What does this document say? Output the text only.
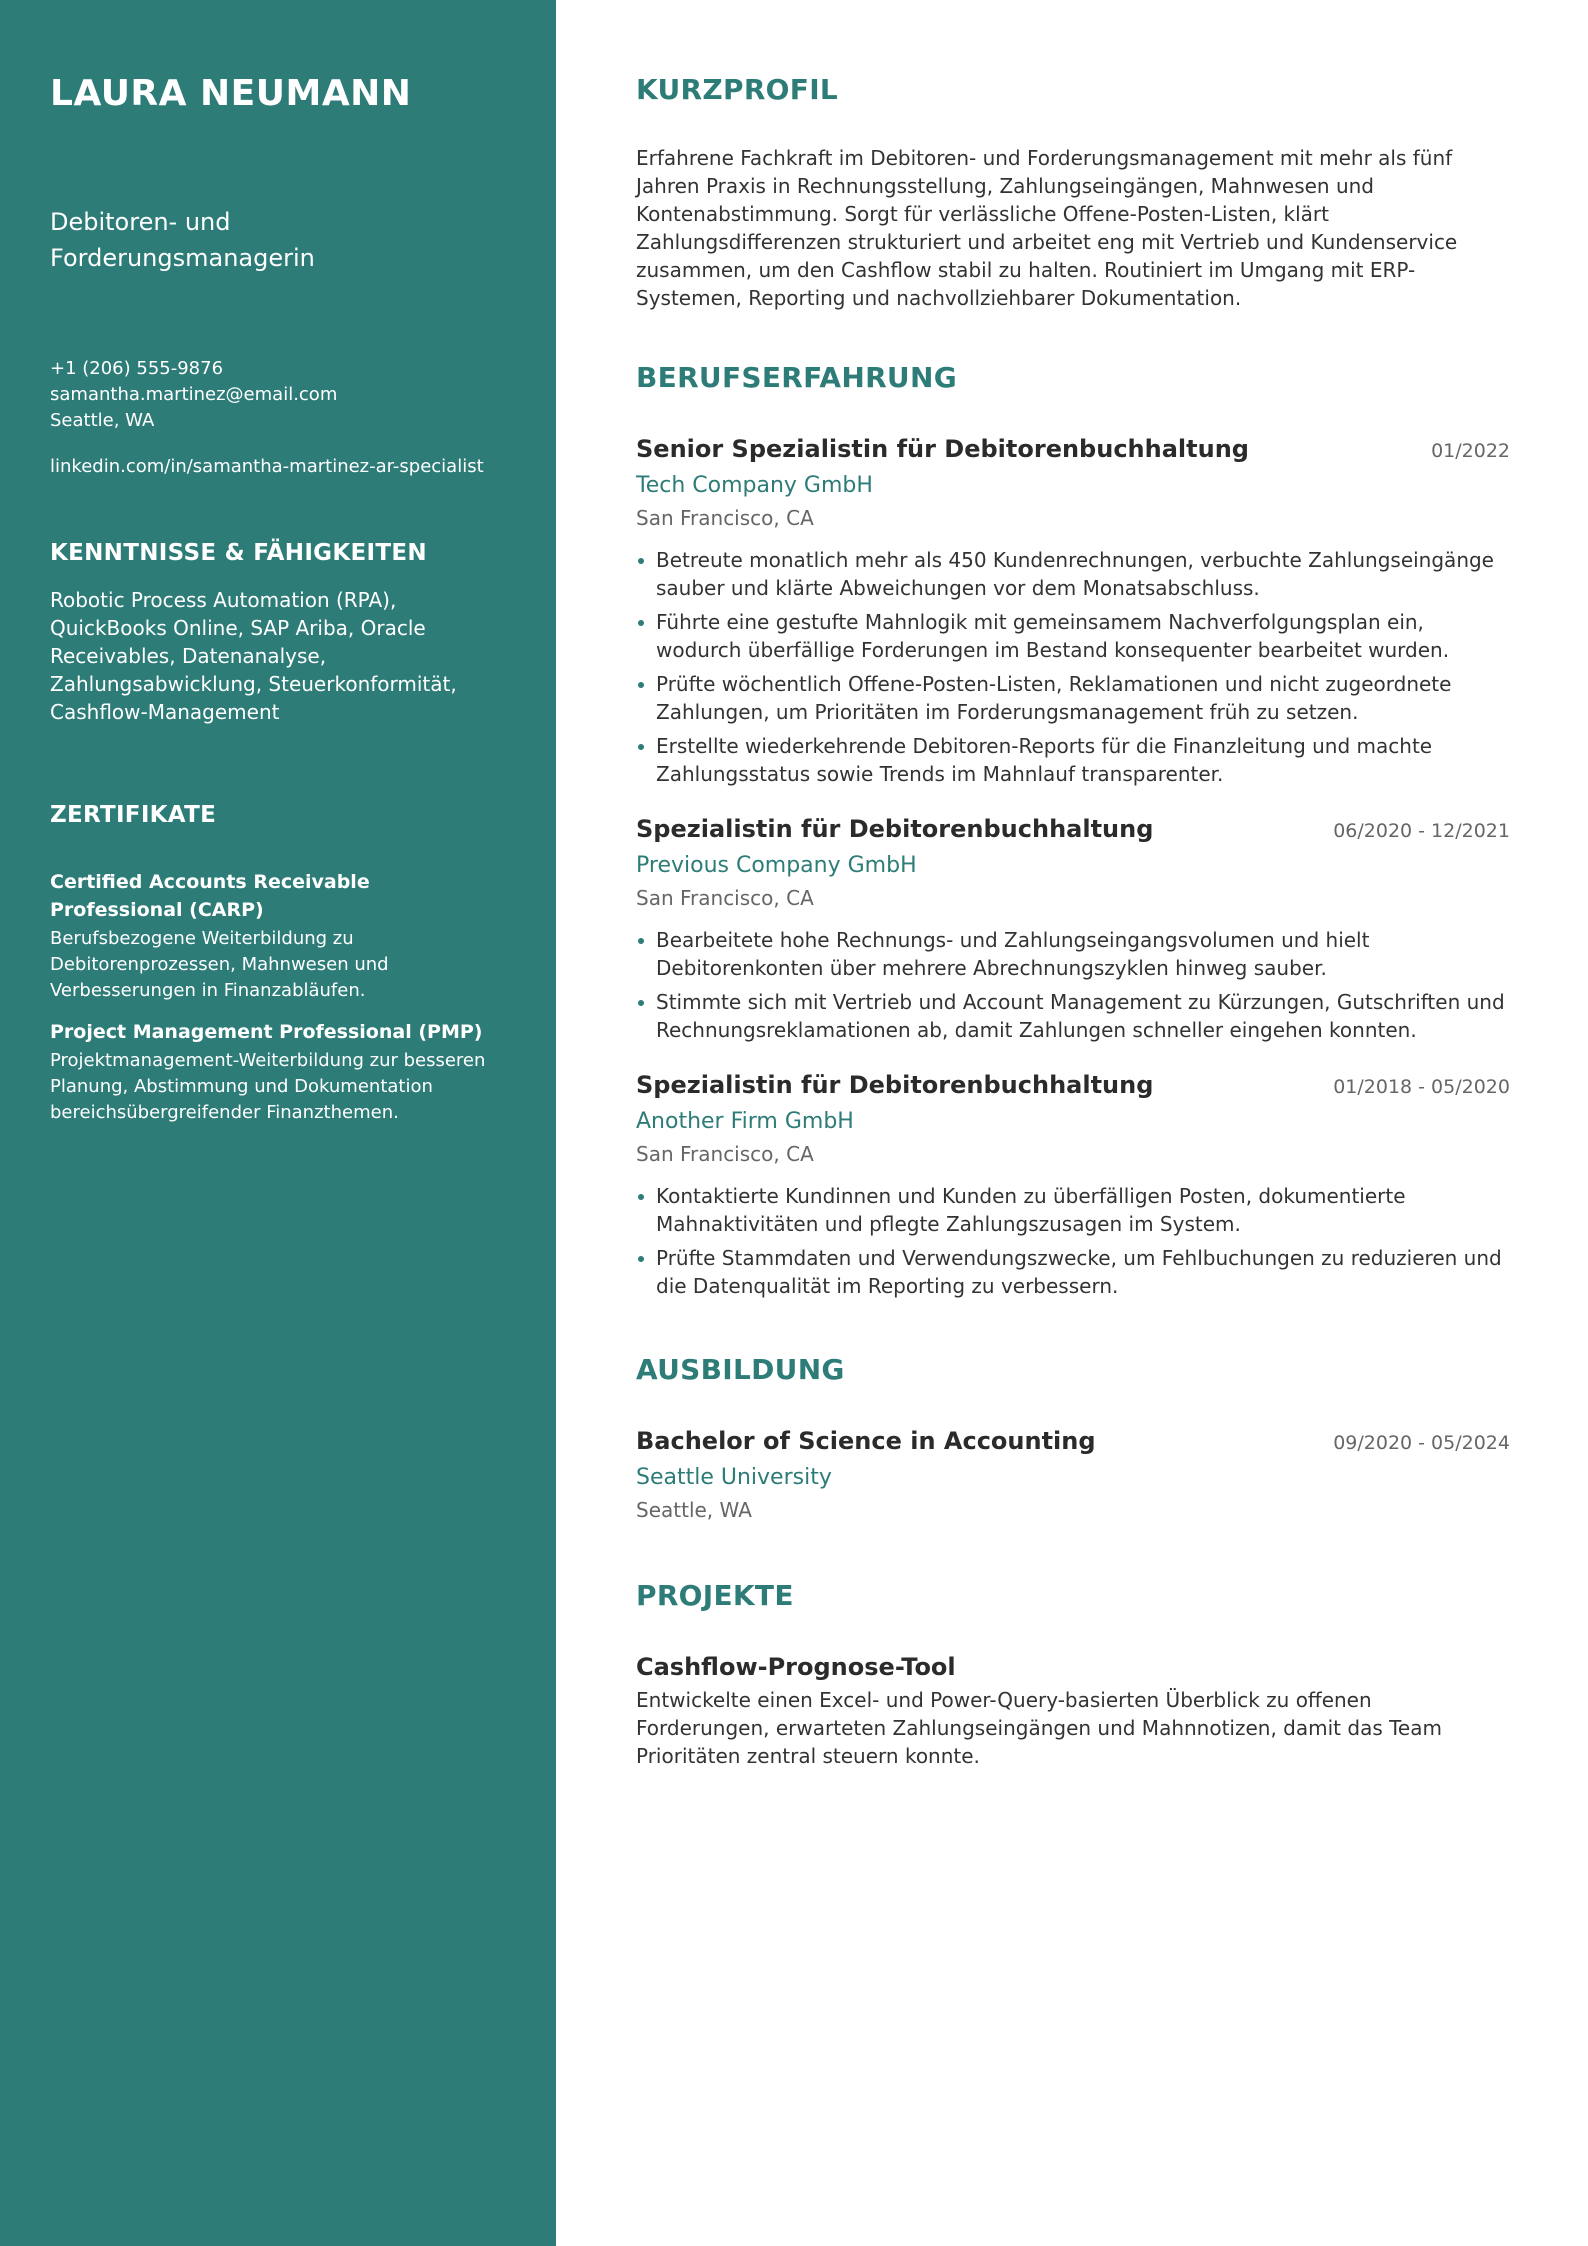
LAURA NEUMANN
Debitoren- und Forderungsmanagerin
+1 (206) 555-9876
samantha.martinez@email.com
Seattle, WA
linkedin.com/in/samantha-martinez-ar-specialist
KENNTNISSE & FÄHIGKEITEN

Robotic Process Automation (RPA), QuickBooks Online, SAP Ariba, Oracle Receivables, Datenanalyse, Zahlungsabwicklung, Steuerkonformität, Cashflow-Management

ZERTIFIKATE
Certified Accounts Receivable Professional (CARP)
Berufsbezogene Weiterbildung zu Debitorenprozessen, Mahnwesen und Verbesserungen in Finanzabläufen.
Project Management Professional (PMP)
Projektmanagement-Weiterbildung zur besseren Planung, Abstimmung und Dokumentation bereichsübergreifender Finanzthemen.
KURZPROFIL

Erfahrene Fachkraft im Debitoren- und Forderungsmanagement mit mehr als fünf Jahren Praxis in Rechnungsstellung, Zahlungseingängen, Mahnwesen und Kontenabstimmung. Sorgt für verlässliche Offene-Posten-Listen, klärt Zahlungsdifferenzen strukturiert und arbeitet eng mit Vertrieb und Kundenservice zusammen, um den Cashflow stabil zu halten. Routiniert im Umgang mit ERP-Systemen, Reporting und nachvollziehbarer Dokumentation.

BERUFSERFAHRUNG
Senior Spezialistin für Debitorenbuchhaltung	01/2022
Tech Company GmbH
San Francisco, CA
Betreute monatlich mehr als 450 Kundenrechnungen, verbuchte Zahlungseingänge sauber und klärte Abweichungen vor dem Monatsabschluss.
Führte eine gestufte Mahnlogik mit gemeinsamem Nachverfolgungsplan ein, wodurch überfällige Forderungen im Bestand konsequenter bearbeitet wurden.
Prüfte wöchentlich Offene-Posten-Listen, Reklamationen und nicht zugeordnete Zahlungen, um Prioritäten im Forderungsmanagement früh zu setzen.
Erstellte wiederkehrende Debitoren-Reports für die Finanzleitung und machte Zahlungsstatus sowie Trends im Mahnlauf transparenter.
Spezialistin für Debitorenbuchhaltung	06/2020 - 12/2021
Previous Company GmbH
San Francisco, CA
Bearbeitete hohe Rechnungs- und Zahlungseingangsvolumen und hielt Debitorenkonten über mehrere Abrechnungszyklen hinweg sauber.
Stimmte sich mit Vertrieb und Account Management zu Kürzungen, Gutschriften und Rechnungsreklamationen ab, damit Zahlungen schneller eingehen konnten.
Spezialistin für Debitorenbuchhaltung	01/2018 - 05/2020
Another Firm GmbH
San Francisco, CA
Kontaktierte Kundinnen und Kunden zu überfälligen Posten, dokumentierte Mahnaktivitäten und pflegte Zahlungszusagen im System.
Prüfte Stammdaten und Verwendungszwecke, um Fehlbuchungen zu reduzieren und die Datenqualität im Reporting zu verbessern.
AUSBILDUNG
Bachelor of Science in Accounting	09/2020 - 05/2024
Seattle University
Seattle, WA
PROJEKTE
Cashflow-Prognose-Tool

Entwickelte einen Excel- und Power-Query-basierten Überblick zu offenen Forderungen, erwarteten Zahlungseingängen und Mahnnotizen, damit das Team Prioritäten zentral steuern konnte.
